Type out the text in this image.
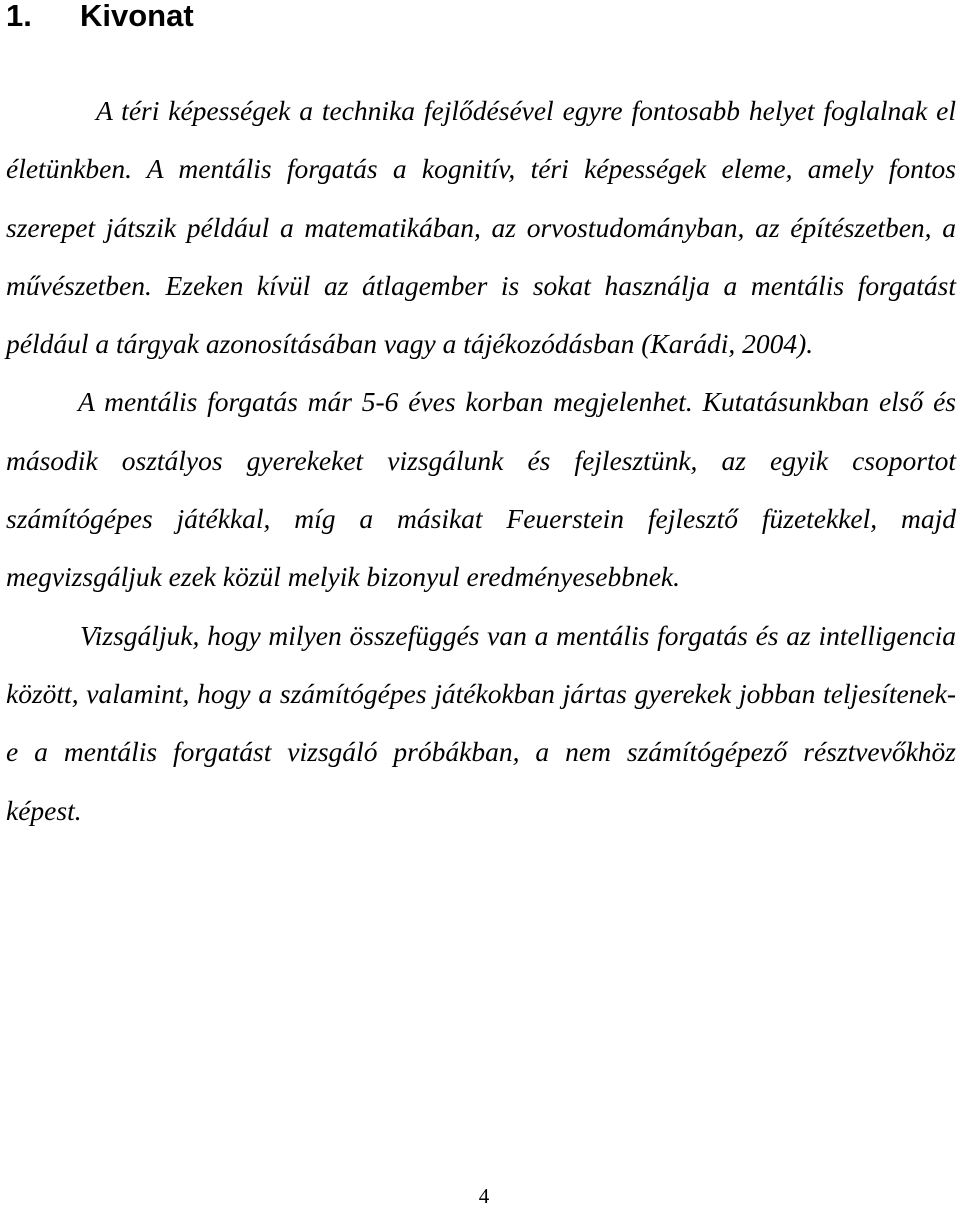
1. Kivonat

A téri képességek a technika fejlődésével egyre fontosabb helyet foglalnak el életünkben. A mentális forgatás a kognitív, téri képességek eleme, amely fontos szerepet játszik például a matematikában, az orvostudományban, az építészetben, a művészetben. Ezeken kívül az átlagember is sokat használja a mentális forgatást például a tárgyak azonosításában vagy a tájékozódásban (Karádi, 2004).

A mentális forgatás már 5-6 éves korban megjelenhet. Kutatásunkban első és második osztályos gyerekeket vizsgálunk és fejlesztünk, az egyik csoportot számítógépes játékkal, míg a másikat Feuerstein fejlesztő füzetekkel, majd megvizsgáljuk ezek közül melyik bizonyul eredményesebbnek.

Vizsgáljuk, hogy milyen összefüggés van a mentális forgatás és az intelligencia között, valamint, hogy a számítógépes játékokban jártas gyerekek jobban teljesítenek-e a mentális forgatást vizsgáló próbákban, a nem számítógépező résztvevőkhöz képest.

4
